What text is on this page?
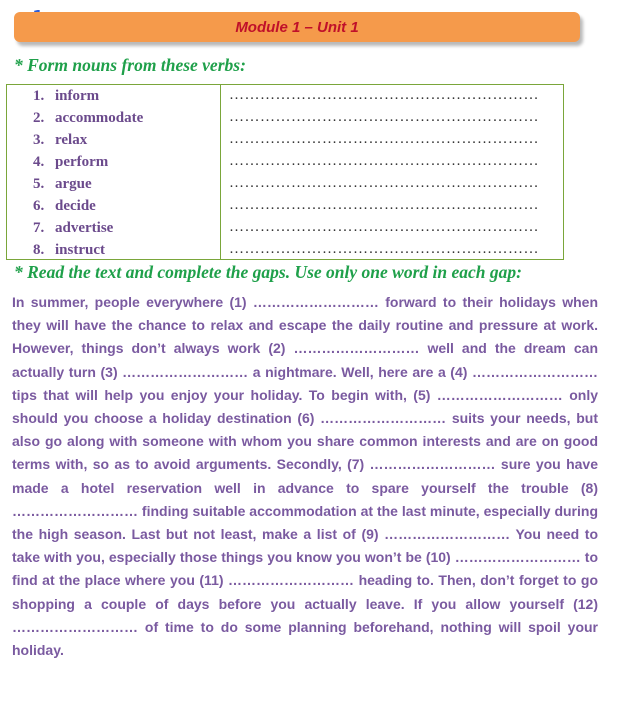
Module 1 – Unit 1
* Form nouns from these verbs:
1. inform	……………………………………………………
2. accommodate	……………………………………………………
3. relax	……………………………………………………
4. perform	……………………………………………………
5. argue	……………………………………………………
6. decide	……………………………………………………
7. advertise	……………………………………………………
8. instruct	……………………………………………………
* Read the text and complete the gaps. Use only one word in each gap:
In summer, people everywhere (1) ……………………… forward to their holidays when they will have the chance to relax and escape the daily routine and pressure at work. However, things don’t always work (2) ……………………… well and the dream can actually turn (3) ……………………… a nightmare. Well, here are a (4) ……………………… tips that will help you enjoy your holiday. To begin with, (5) ……………………… only should you choose a holiday destination (6) ……………………… suits your needs, but also go along with someone with whom you share common interests and are on good terms with, so as to avoid arguments. Secondly, (7) ……………………… sure you have made a hotel reservation well in advance to spare yourself the trouble (8) ……………………… finding suitable accommodation at the last minute, especially during the high season. Last but not least, make a list of (9) ……………………… You need to take with you, especially those things you know you won’t be (10) ……………………… to find at the place where you (11) ……………………… heading to. Then, don’t forget to go shopping a couple of days before you actually leave. If you allow yourself (12) ……………………… of time to do some planning beforehand, nothing will spoil your holiday.
